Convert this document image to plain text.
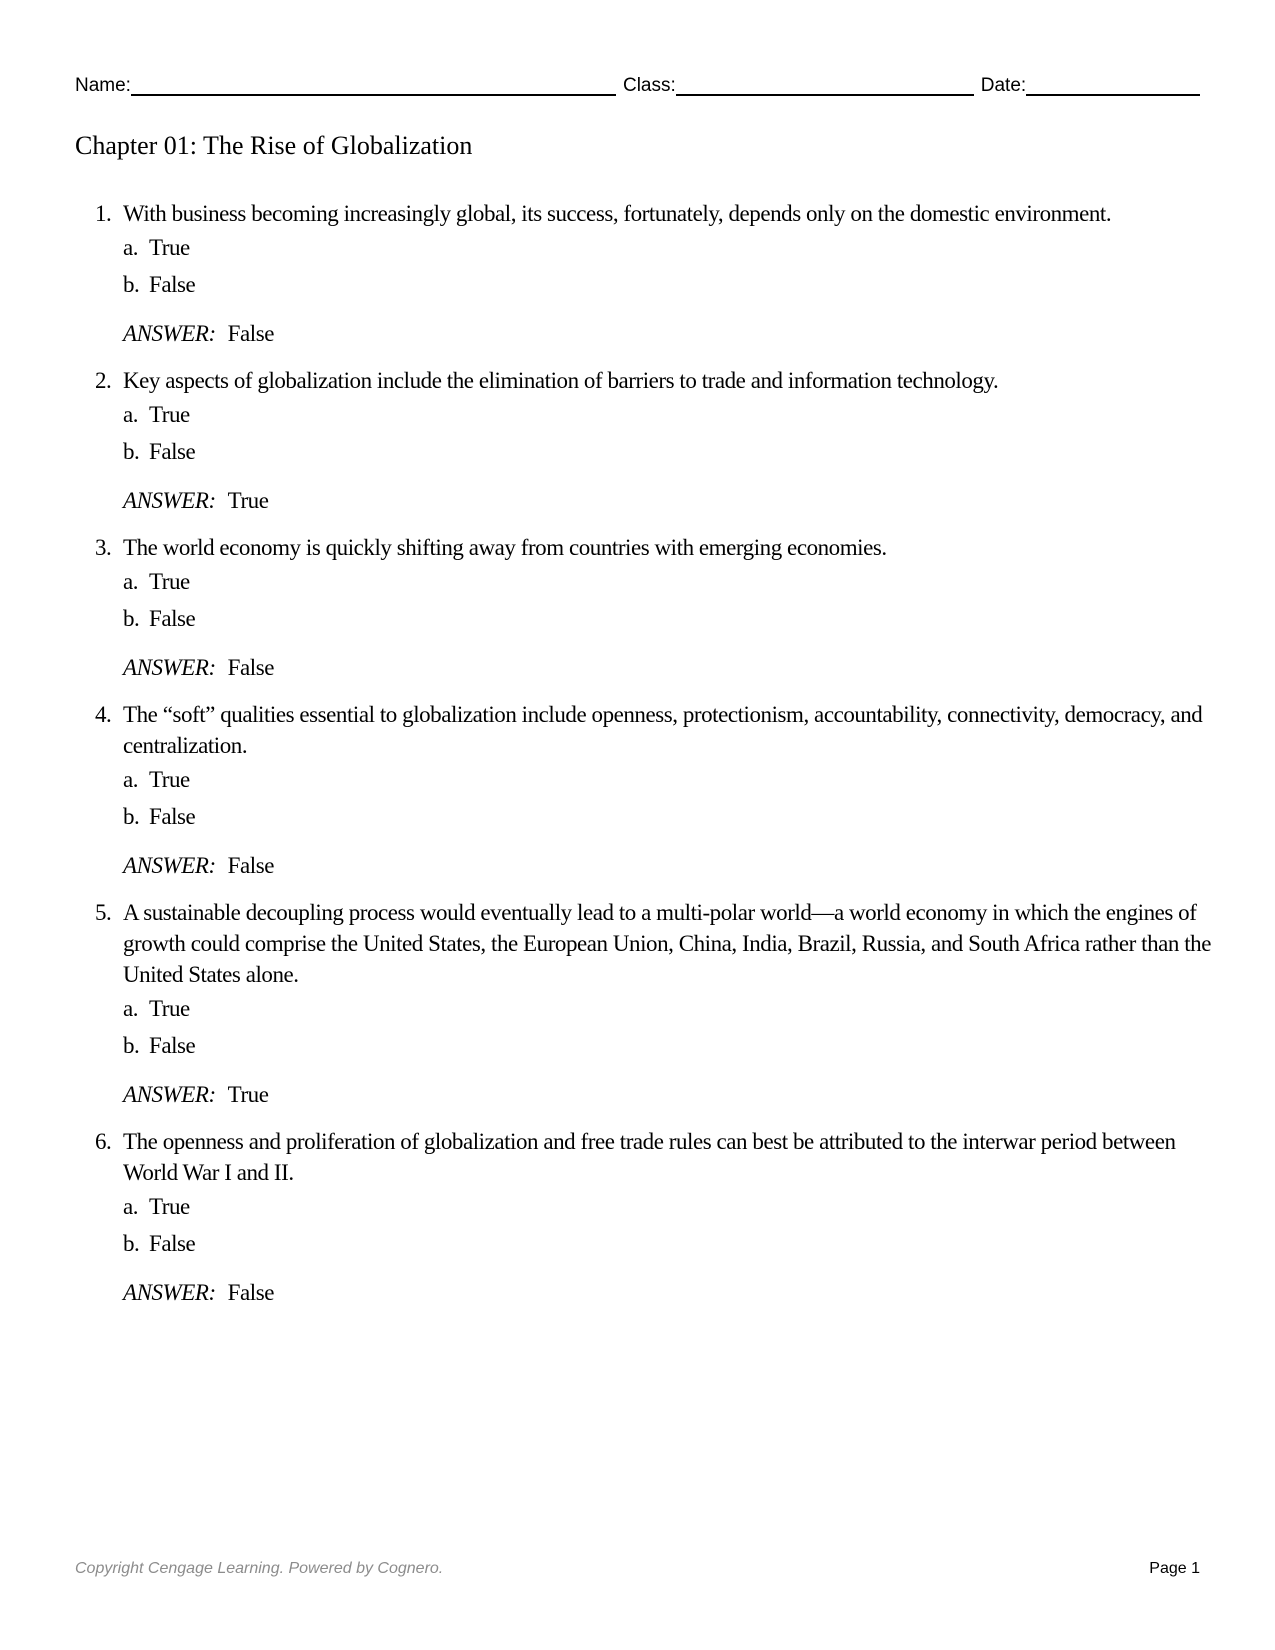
Name:	Class:	Date:
Chapter 01: The Rise of Globalization
1. With business becoming increasingly global, its success, fortunately, depends only on the domestic environment.
a. True
b. False
ANSWER: False
2. Key aspects of globalization include the elimination of barriers to trade and information technology.
a. True
b. False
ANSWER: True
3. The world economy is quickly shifting away from countries with emerging economies.
a. True
b. False
ANSWER: False
4. The “soft” qualities essential to globalization include openness, protectionism, accountability, connectivity, democracy, and centralization.
a. True
b. False
ANSWER: False
5. A sustainable decoupling process would eventually lead to a multi-polar world—a world economy in which the engines of growth could comprise the United States, the European Union, China, India, Brazil, Russia, and South Africa rather than the United States alone.
a. True
b. False
ANSWER: True
6. The openness and proliferation of globalization and free trade rules can best be attributed to the interwar period between World War I and II.
a. True
b. False
ANSWER: False
Copyright Cengage Learning. Powered by Cognero.	Page 1
